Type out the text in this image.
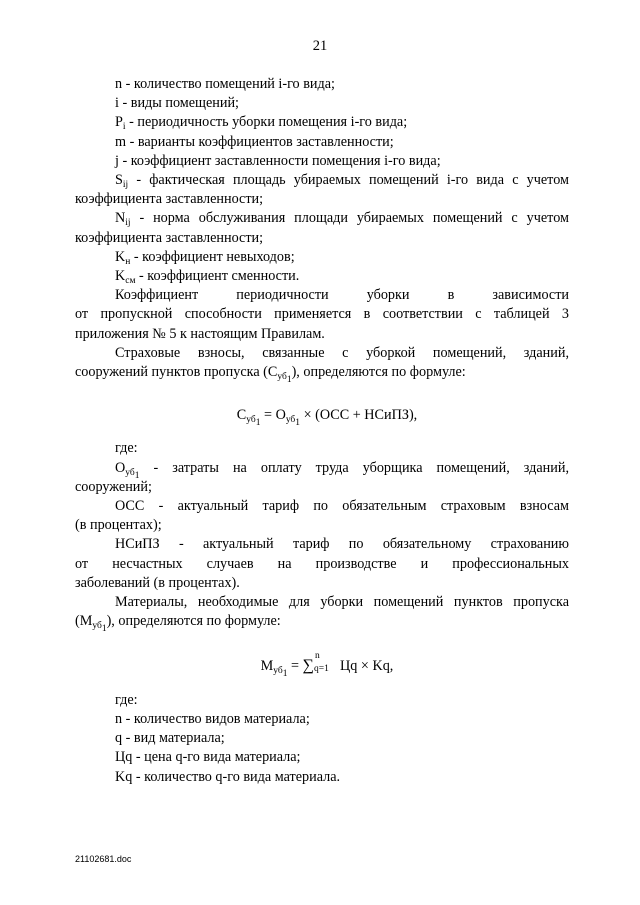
21

n - количество помещений i-го вида;

i - виды помещений;

$P_i$ - периодичность уборки помещения i-го вида;

m - варианты коэффициентов заставленности;

j - коэффициент заставленности помещения i-го вида;

$S_{ij}$ - фактическая площадь убираемых помещений i-го вида с учетом

коэффициента заставленности;

$N_{ij}$ - норма обслуживания площади убираемых помещений с учетом

коэффициента заставленности;

$K_н$ - коэффициент невыходов;

$K_{см}$ - коэффициент сменности.

Коэффициент периодичности уборки в зависимости

от пропускной способности применяется в соответствии с таблицей 3

приложения № 5 к настоящим Правилам.

Страховые взносы, связанные с уборкой помещений, зданий,

сооружений пунктов пропуска $(C_{уб_1})$, определяются по формуле:

$C_{уб_1} = O_{уб_1} \times (ОСС$ + НСиПЗ),

где:

$O_{уб_1}$ - затраты на оплату труда уборщика помещений, зданий,

сооружений;

ОСС - актуальный тариф по обязательным страховым взносам

(в процентах);

НСиПЗ - актуальный тариф по обязательному страхованию

от несчастных случаев на производстве и профессиональных

заболеваний (в процентах).

Материалы, необходимые для уборки помещений пунктов пропуска

$(M_{уб_1})$, определяются по формуле:

$M_{уб_1}$ = ∑
n
q=1 Цq × Kq,

где:

n - количество видов материала;

q - вид материала;

Цq - цена q-го вида материала;

Kq - количество q-го вида материала.

21102681.doc
